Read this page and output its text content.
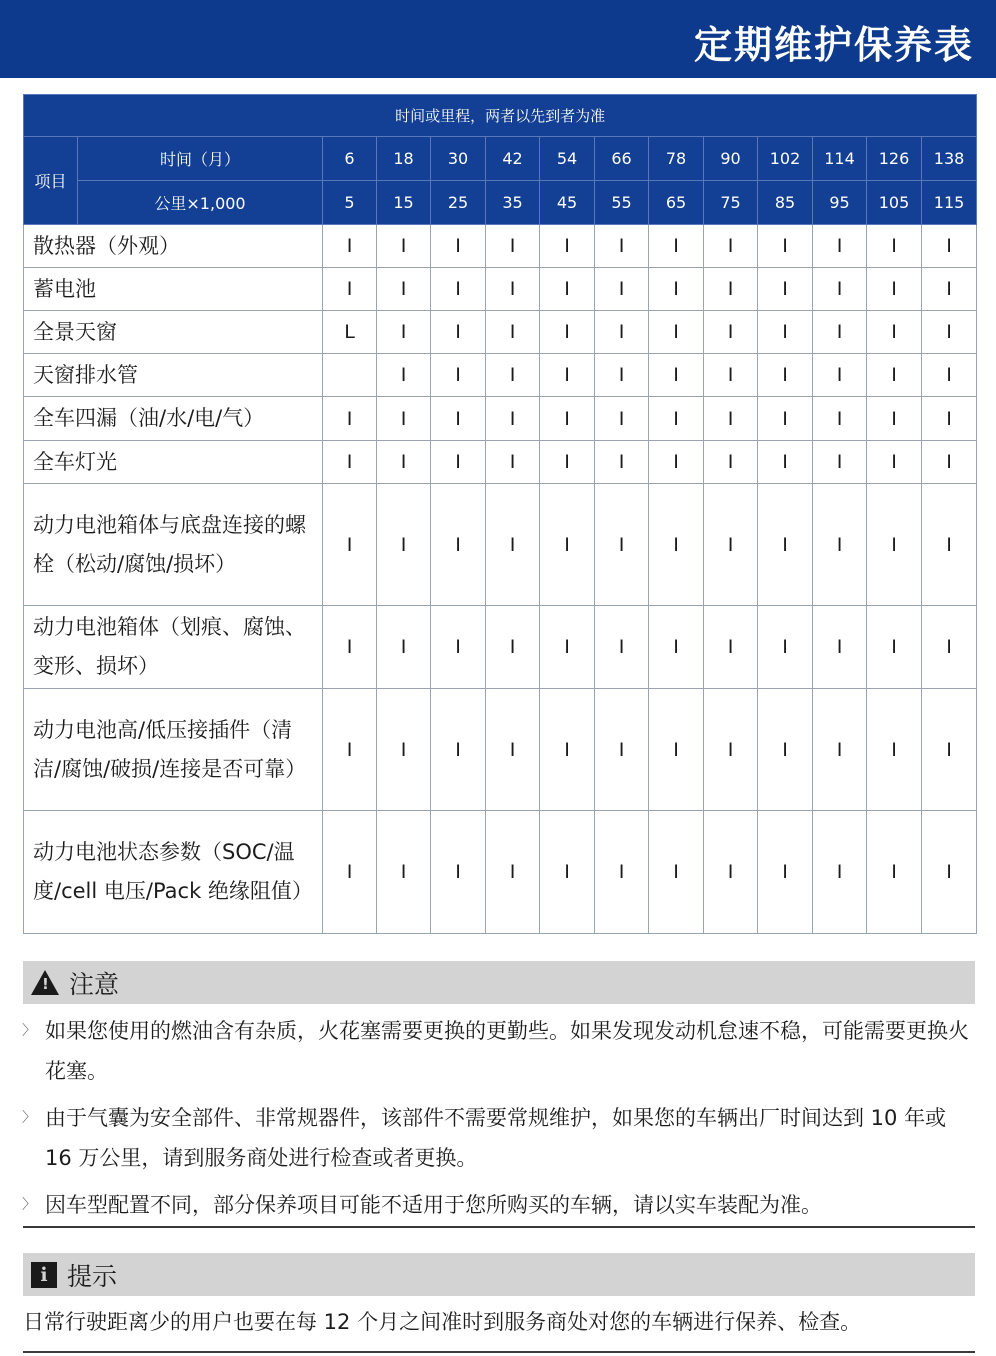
定期维护保养表
时间或里程，两者以先到者为准													
项目	时间（月）	6	18	30	42	54	66	78	90	102	114	126	138
	公里×1,000	5	15	25	35	45	55	65	75	85	95	105	115
散热器（外观）		I	I	I	I	I	I	I	I	I	I	I	I
蓄电池		I	I	I	I	I	I	I	I	I	I	I	I
全景天窗		L	I	I	I	I	I	I	I	I	I	I	I
天窗排水管			I	I	I	I	I	I	I	I	I	I	I
全车四漏（油/水/电/气）		I	I	I	I	I	I	I	I	I	I	I	I
全车灯光		I	I	I	I	I	I	I	I	I	I	I	I
动力电池箱体与底盘连接的螺栓（松动/腐蚀/损坏）		I	I	I	I	I	I	I	I	I	I	I	I
动力电池箱体（划痕、腐蚀、变形、损坏）		I	I	I	I	I	I	I	I	I	I	I	I
动力电池高/低压接插件（清洁/腐蚀/破损/连接是否可靠）		I	I	I	I	I	I	I	I	I	I	I	I
动力电池状态参数（SOC/温度/cell 电压/Pack 绝缘阻值）		I	I	I	I	I	I	I	I	I	I	I	I
! 注意
〉 如果您使用的燃油含有杂质，火花塞需要更换的更勤些。如果发现发动机怠速不稳，可能需要更换火花塞。
〉 由于气囊为安全部件、非常规器件，该部件不需要常规维护，如果您的车辆出厂时间达到 10 年或 16 万公里，请到服务商处进行检查或者更换。
〉 因车型配置不同，部分保养项目可能不适用于您所购买的车辆，请以实车装配为准。
i 提示
日常行驶距离少的用户也要在每 12 个月之间准时到服务商处对您的车辆进行保养、检查。
